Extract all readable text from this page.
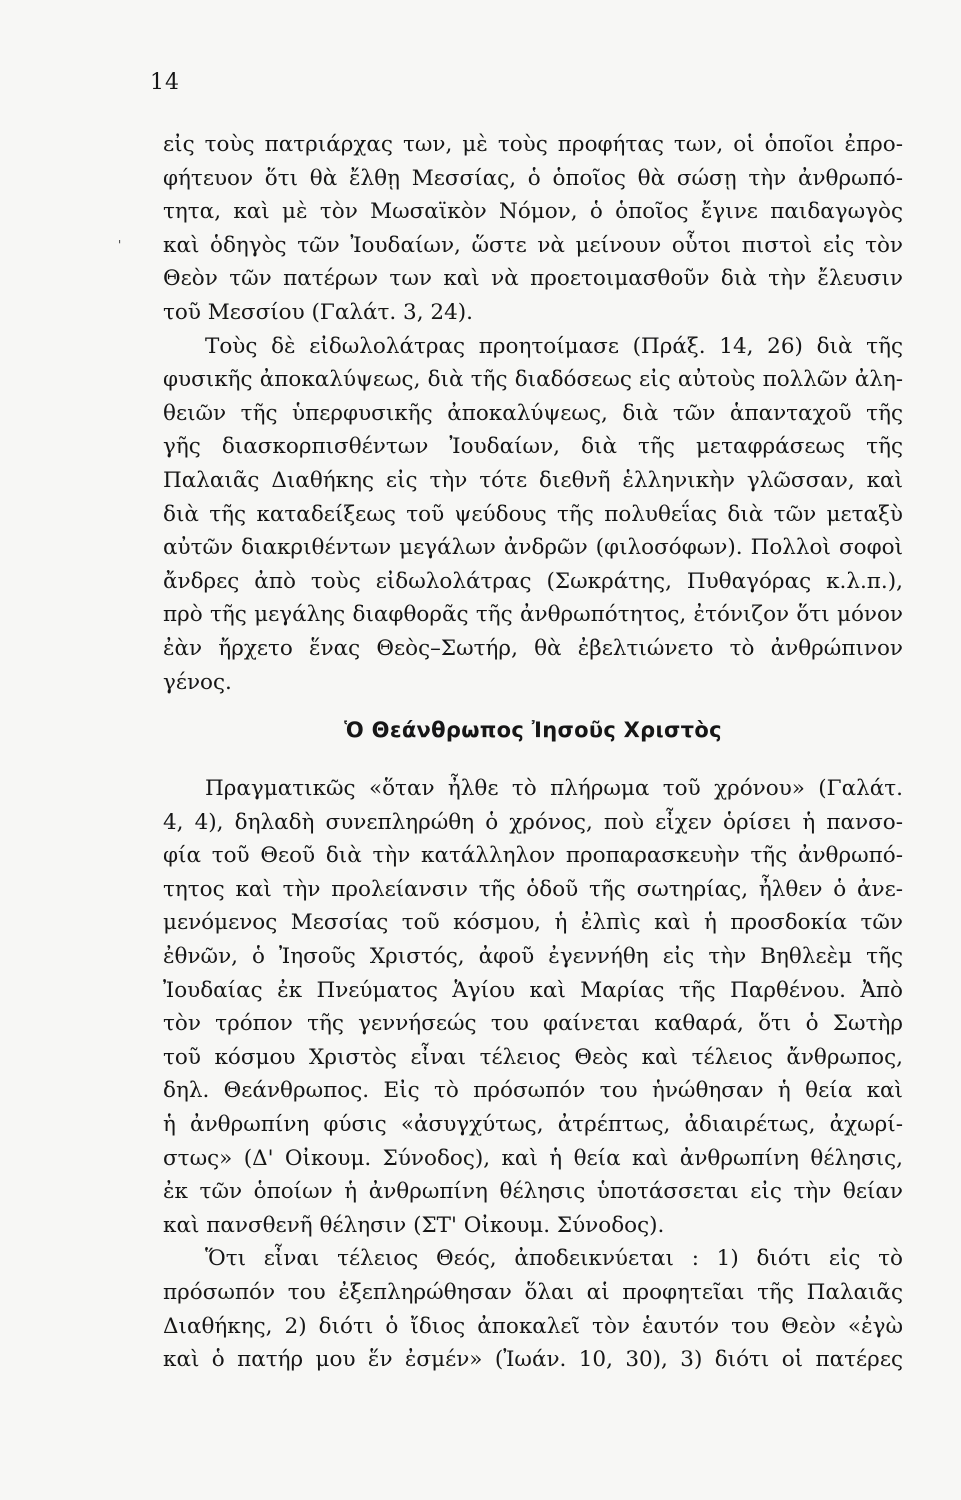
14
'
εἰς τοὺς πατριάρχας των, μὲ τοὺς προφήτας των, οἱ ὁποῖοι ἐπρο-
φήτευον ὅτι θὰ ἔλθῃ Μεσσίας, ὁ ὁποῖος θὰ σώσῃ τὴν ἀνθρωπό-
τητα, καὶ μὲ τὸν Μωσαϊκὸν Νόμον, ὁ ὁποῖος ἔγινε παιδαγωγὸς
καὶ ὁδηγὸς τῶν Ἰουδαίων, ὥστε νὰ μείνουν οὗτοι πιστοὶ εἰς τὸν
Θεὸν τῶν πατέρων των καὶ νὰ προετοιμασθοῦν διὰ τὴν ἔλευσιν
τοῦ Μεσσίου (Γαλάτ. 3, 24).
Τοὺς δὲ εἰδωλολάτρας προητοίμασε (Πράξ. 14, 26) διὰ τῆς
φυσικῆς ἀποκαλύψεως, διὰ τῆς διαδόσεως εἰς αὐτοὺς πολλῶν ἀλη-
θειῶν τῆς ὑπερφυσικῆς ἀποκαλύψεως, διὰ τῶν ἁπανταχοῦ τῆς
γῆς διασκορπισθέντων Ἰουδαίων, διὰ τῆς μεταφράσεως τῆς
Παλαιᾶς Διαθήκης εἰς τὴν τότε διεθνῆ ἑλληνικὴν γλῶσσαν, καὶ
διὰ τῆς καταδείξεως τοῦ ψεύδους τῆς πολυθεΐας διὰ τῶν μεταξὺ
αὐτῶν διακριθέντων μεγάλων ἀνδρῶν (φιλοσόφων). Πολλοὶ σοφοὶ
ἄνδρες ἀπὸ τοὺς εἰδωλολάτρας (Σωκράτης, Πυθαγόρας κ.λ.π.),
πρὸ τῆς μεγάλης διαφθορᾶς τῆς ἀνθρωπότητος, ἐτόνιζον ὅτι μόνον
ἐὰν ἤρχετο ἕνας Θεὸς–Σωτήρ, θὰ ἐβελτιώνετο τὸ ἀνθρώπινον
γένος.
Ὁ Θεάνθρωπος Ἰησοῦς Χριστὸς
Πραγματικῶς «ὅταν ἦλθε τὸ πλήρωμα τοῦ χρόνου» (Γαλάτ.
4, 4), δηλαδὴ συνεπληρώθη ὁ χρόνος, ποὺ εἶχεν ὁρίσει ἡ πανσο-
φία τοῦ Θεοῦ διὰ τὴν κατάλληλον προπαρασκευὴν τῆς ἀνθρωπό-
τητος καὶ τὴν προλείανσιν τῆς ὁδοῦ τῆς σωτηρίας, ἦλθεν ὁ ἀνε-
μενόμενος Μεσσίας τοῦ κόσμου, ἡ ἐλπὶς καὶ ἡ προσδοκία τῶν
ἐθνῶν, ὁ Ἰησοῦς Χριστός, ἀφοῦ ἐγεννήθη εἰς τὴν Βηθλεὲμ τῆς
Ἰουδαίας ἐκ Πνεύματος Ἁγίου καὶ Μαρίας τῆς Παρθένου. Ἀπὸ
τὸν τρόπον τῆς γεννήσεώς του φαίνεται καθαρά, ὅτι ὁ Σωτὴρ
τοῦ κόσμου Χριστὸς εἶναι τέλειος Θεὸς καὶ τέλειος ἄνθρωπος,
δηλ. Θεάνθρωπος. Εἰς τὸ πρόσωπόν του ἡνώθησαν ἡ θεία καὶ
ἡ ἀνθρωπίνη φύσις «ἀσυγχύτως, ἀτρέπτως, ἀδιαιρέτως, ἀχωρί-
στως» (Δ' Οἰκουμ. Σύνοδος), καὶ ἡ θεία καὶ ἀνθρωπίνη θέλησις,
ἐκ τῶν ὁποίων ἡ ἀνθρωπίνη θέλησις ὑποτάσσεται εἰς τὴν θείαν
καὶ πανσθενῆ θέλησιν (ΣΤ' Οἰκουμ. Σύνοδος).
Ὅτι εἶναι τέλειος Θεός, ἀποδεικνύεται : 1) διότι εἰς τὸ
πρόσωπόν του ἐξεπληρώθησαν ὅλαι αἱ προφητεῖαι τῆς Παλαιᾶς
Διαθήκης, 2) διότι ὁ ἴδιος ἀποκαλεῖ τὸν ἑαυτόν του Θεὸν «ἐγὼ
καὶ ὁ πατήρ μου ἕν ἐσμέν» (Ἰωάν. 10, 30), 3) διότι οἱ πατέρες
